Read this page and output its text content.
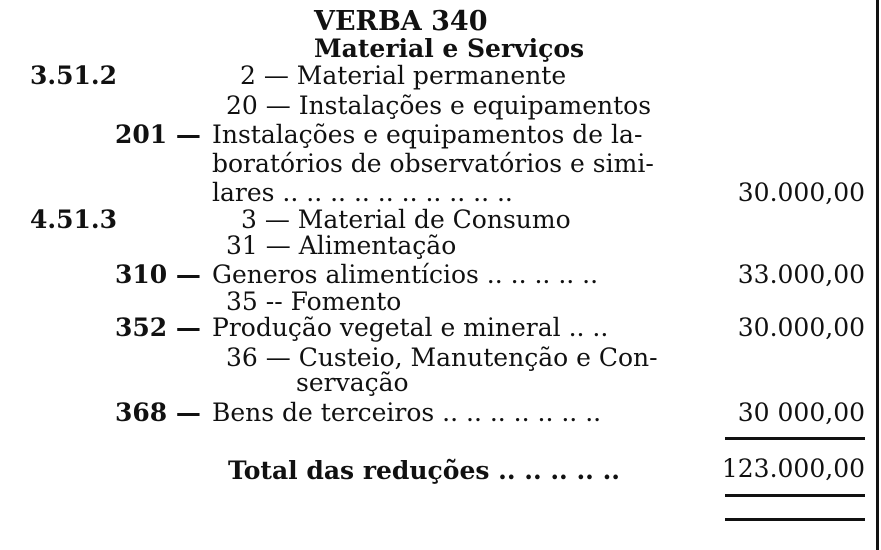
VERBA 340
Material e Serviços
3.51.2	2 — Material permanente
20 — Instalações e equipamentos
201 — Instalações e equipamentos de la-
boratórios de observatórios e simi-
lares .. .. .. .. .. .. .. .. .. ..	30.000,00
4.51.3	3 — Material de Consumo
31 — Alimentação
310 — Generos alimentícios .. .. .. .. ..	33.000,00
35 -- Fomento
352 — Produção vegetal e mineral .. ..	30.000,00
36 — Custeio, Manutenção e Con-
servação
368 — Bens de terceiros .. .. .. .. .. .. ..	30 000,00
Total das reduções .. .. .. .. ..	123.000,00
